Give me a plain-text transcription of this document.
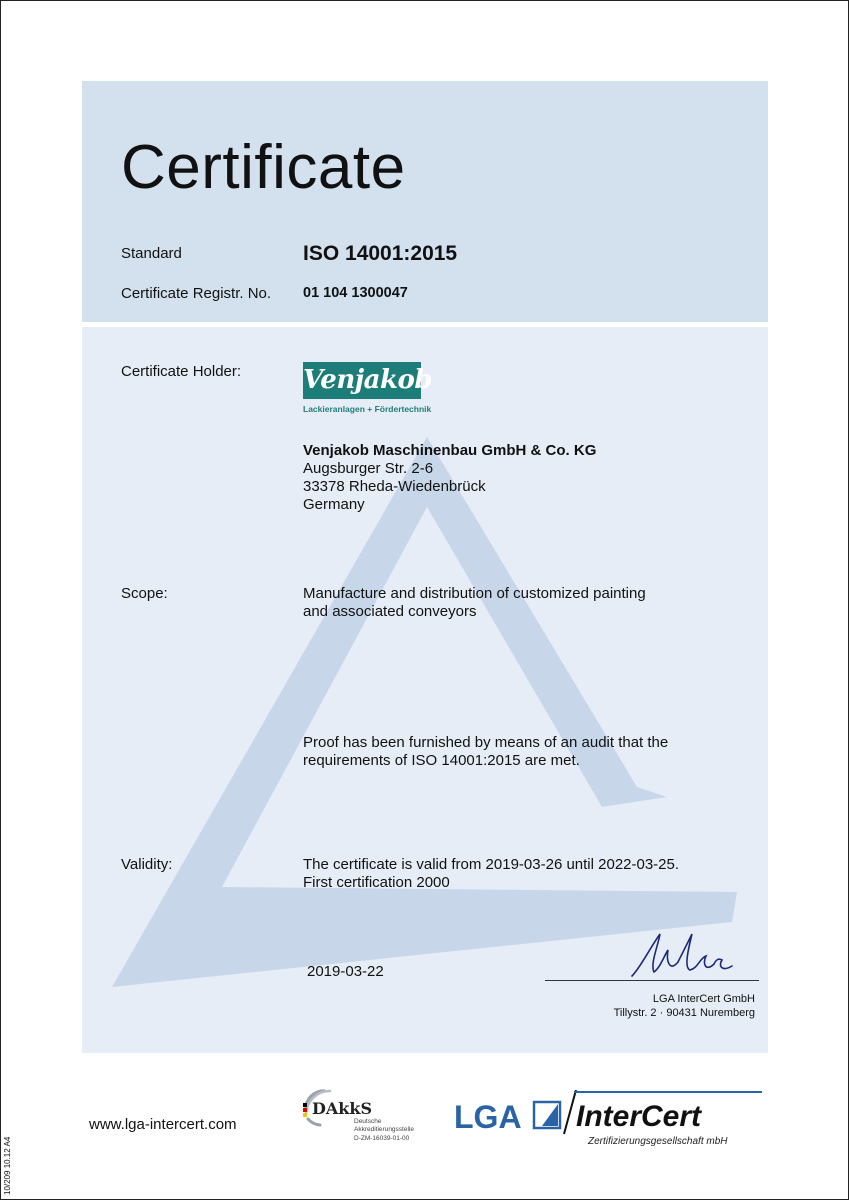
Certificate
Standard	ISO 14001:2015
Certificate Registr. No. 01 104 1300047
Certificate Holder: Venjakob
Lackieranlagen + Fördertechnik
Venjakob Maschinenbau GmbH & Co. KG
Augsburger Str. 2-6
33378 Rheda-Wiedenbrück
Germany
Scope:	Manufacture and distribution of customized painting
and associated conveyors
Proof has been furnished by means of an audit that the
requirements of ISO 14001:2015 are met.
Validity:	The certificate is valid from 2019-03-26 until 2022-03-25.
First certification 2000
2019-03-22
LGA InterCert GmbH
Tillystr. 2 · 90431 Nuremberg
10/209 10.12 A4
www.lga-intercert.com
DAkkS
Deutsche
Akkreditierungsstelle
D-ZM-16039-01-00
LGA InterCert
Zertifizierungsgesellschaft mbH
